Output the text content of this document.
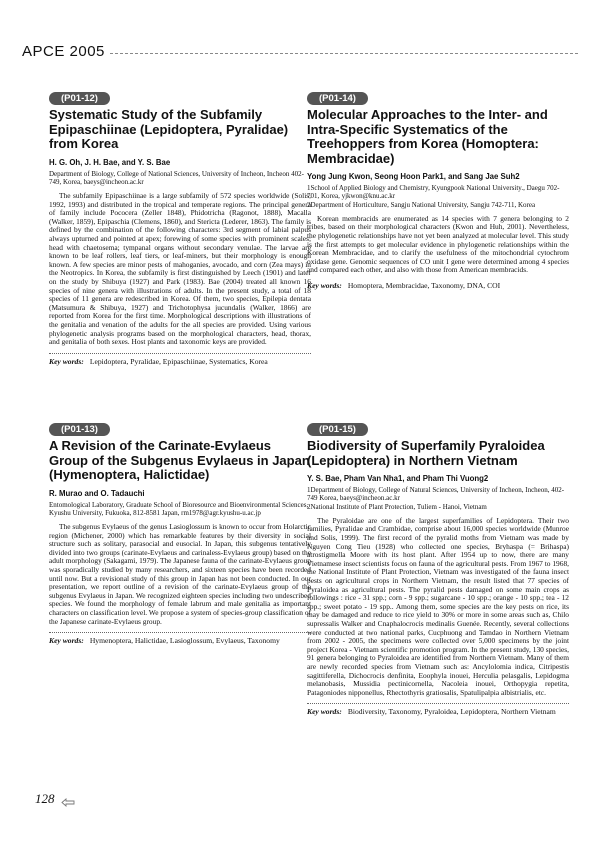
APCE 2005
(P01-12)
Systematic Study of the Subfamily Epipaschiinae (Lepidoptera, Pyralidae) from Korea
H. G. Oh, J. H. Bae, and Y. S. Bae
Department of Biology, College of National Sciences, University of Incheon, Incheon 402-749, Korea, baeys@incheon.ac.kr
The subfamily Epipaschiinae is a large subfamily of 572 species worldwide (Solis, 1992, 1993) and distributed in the tropical and temperate regions. The principal genera of family include Pococera (Zeller 1848), Phidotricha (Ragonot, 1888), Macalla (Walker, 1859), Epipaschia (Clemens, 1860), and Stericta (Lederer, 1863). The family is defined by the combination of the following characters: 3rd segment of labial palpus always upturned and pointed at apex; forewing of some species with prominent scales; head with chaetosema; tympanal organs without secondary venulae. The larvae are known to be leaf rollers, leaf tiers, or leaf-miners, but their morphology is enough known. A few species are minor pests of mahoganies, avocado, and corn (Zea mays) in the Neotropics. In Korea, the subfamily is first distinguished by Leech (1901) and later on the study by Shibuya (1927) and Park (1983). Bae (2004) treated all known 16 species of nine genera with illustrations of adults. In the present study, a total of 18 species of 11 genera are redescribed in Korea. Of them, two species, Epilepia dentata (Matsumura & Shibuya, 1927) and Trichotophysa jucundalis (Walker, 1866) are reported from Korea for the first time. Morphological descriptions with illustrations of the genitalia and venation of the adults for the all species are provided. Using various phylogenetic analysis programs based on the morphological characters, head, thorax, and genitalia of both sexes. Host plants and taxonomic keys are provided.
Key words: Lepidoptera, Pyralidae, Epipaschiinae, Systematics, Korea
(P01-13)
A Revision of the Carinate-Evylaeus Group of the Subgenus Evylaeus in Japan (Hymenoptera, Halictidae)
R. Murao and O. Tadauchi
Entomological Laboratory, Graduate School of Bioresource and Bioenvironmental Sciences, Kyushu University, Fukuoka, 812-8581 Japan, rm1978@agr.kyushu-u.ac.jp
The subgenus Evylaeus of the genus Lasioglossum is known to occur from Holarctic region (Michener, 2000) which has remarkable features by their diversity in social structure such as solitary, parasocial and eusocial. In Japan, this subgenus tentatively divided into two groups (carinate-Evylaeus and carinaless-Evylaeus group) based on the adult morphology (Sakagami, 1979). The Japanese fauna of the carinate-Evylaeus group was sporadically studied by many researchers, and sixteen species have been recorded until now. But a revisional study of this group in Japan has not been conducted. In our presentation, we report outline of a revision of the carinate-Evylaeus group of the subgenus Evylaeus in Japan. We recognized eighteen species including two undescribed species. We found the morphology of female labrum and male genitalia as important characters on classification level. We propose a system of species-group classification of the Japanese carinate-Evylaeus group.
Key words: Hymenoptera, Halictidae, Lasioglossum, Evylaeus, Taxonomy
(P01-14)
Molecular Approaches to the Inter- and Intra-Specific Systematics of the Treehoppers from Korea (Homoptera: Membracidae)
Yong Jung Kwon, Seong Hoon Park1, and Sang Jae Suh2
1School of Applied Biology and Chemistry, Kyungpook National University., Daegu 702-701, Korea, yjkwon@knu.ac.kr
2Department of Horticulture, Sangju National University, Sangju 742-711, Korea
Korean membracids are enumerated as 14 species with 7 genera belonging to 2 tribes, based on their morphological characters (Kwon and Huh, 2001). Nevertheless, the phylogenetic relationships have not yet been analyzed at molecular level. This study is the first attempts to get molecular evidence in phylogenetic relationships within the Korean Membracidae, and to clarify the usefulness of the mitochondrial cytochrom oxidase gene. Genomic sequences of CO unit I gene were determined among 4 species and compared each other, and also with those from American membracids.
Key words: Homoptera, Membracidae, Taxonomy, DNA, COI
(P01-15)
Biodiversity of Superfamily Pyraloidea (Lepidoptera) in Northern Vietnam
Y. S. Bae, Pham Van Nha1, and Pham Thi Vuong2
1Department of Biology, College of Natural Sciences, University of Incheon, Incheon, 402-749 Korea, baeys@incheon.ac.kr
2National Institute of Plant Protection, Tuliem - Hanoi, Vietnam
The Pyraloidae are one of the largest superfamilies of Lepidoptera. Their two families, Pyralidae and Crambidae, comprise about 16,000 species worldwide (Munroe and Solis, 1999). The first record of the pyralid moths from Vietnam was made by Nguyen Cong Tieu (1928) who collected one species, Bryhaspa (= Brihaspa) atrostigmella Moore with its host plant. After 1954 up to now, there are many Vietnamese insect scientists focus on fauna of the agricultural pests. From 1967 to 1968, the National Institute of Plant Protection, Vietnam was investigated of the fauna insect pests on agricultural crops in Northern Vietnam, the result listed that 77 species of Pyraloidea as agricultural pests. The pyralid pests damaged on some main crops as followings : rice - 31 spp.; corn - 9 spp.; sugarcane - 10 spp.; orange - 10 spp.; tea - 12 spp.; sweet potato - 19 spp.. Among them, some species are the key pests on rice, its may be damaged and reduce to rice yield to 30% or more in some areas such as, Chilo supressalis Walker and Cnaphalocrocis medinalis Guenée. Recently, several collections were conducted at two national parks, Cucphuong and Tamdao in Northern Vietnam from 2002 - 2005, the specimens were collected over 5,000 specimens by the joint project Korea - Vietnam scientific promotion program. In the present study, 130 species, 91 genera belonging to Pyraloidea are identified from Northern Vietnam. Many of them are newly recorded species from Vietnam such as: Ancylolomia indica, Citripestis sagittiferella, Dichocrocis denfinita, Eoophyla inouei, Herculia pelasgalis, Lepidogma melanobasis, Mussidia pectinicornella, Nacoleia inouei, Orthopygia repetita, Patagoniodes nipponellus, Rhectothyris gratiosalis, Spatulipalpia albistrialis, etc.
Key words: Biodiversity, Taxonomy, Pyraloidea, Lepidoptera, Northern Vietnam
128
